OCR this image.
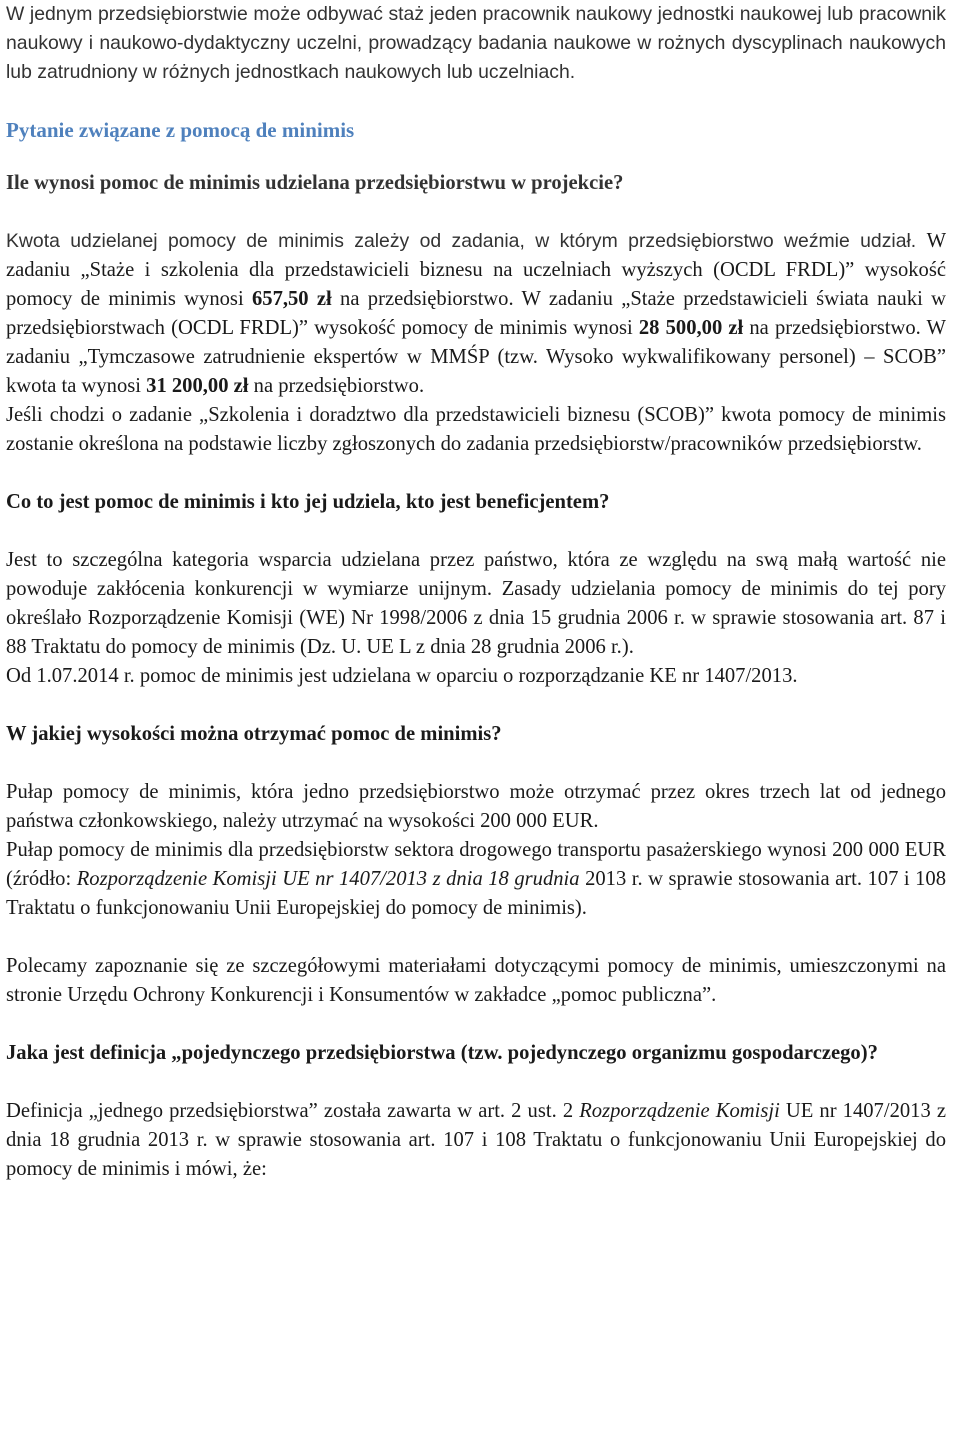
W jednym przedsiębiorstwie może odbywać staż jeden pracownik naukowy jednostki naukowej lub pracownik naukowy i naukowo-dydaktyczny uczelni, prowadzący badania naukowe w rożnych dyscyplinach naukowych lub zatrudniony w różnych jednostkach naukowych lub uczelniach.

Pytanie związane z pomocą de minimis

Ile wynosi pomoc de minimis udzielana przedsiębiorstwu w projekcie?

Kwota udzielanej pomocy de minimis zależy od zadania, w którym przedsiębiorstwo weźmie udział. W zadaniu „Staże i szkolenia dla przedstawicieli biznesu na uczelniach wyższych (OCDL FRDL)” wysokość pomocy de minimis wynosi 657,50 zł na przedsiębiorstwo. W zadaniu „Staże przedstawicieli świata nauki w przedsiębiorstwach (OCDL FRDL)” wysokość pomocy de minimis wynosi 28 500,00 zł na przedsiębiorstwo. W zadaniu „Tymczasowe zatrudnienie ekspertów w MMŚP (tzw. Wysoko wykwalifikowany personel) – SCOB” kwota ta wynosi 31 200,00 zł na przedsiębiorstwo.

Jeśli chodzi o zadanie „Szkolenia i doradztwo dla przedstawicieli biznesu (SCOB)” kwota pomocy de minimis zostanie określona na podstawie liczby zgłoszonych do zadania przedsiębiorstw/pracowników przedsiębiorstw.

Co to jest pomoc de minimis i kto jej udziela, kto jest beneficjentem?

Jest to szczególna kategoria wsparcia udzielana przez państwo, która ze względu na swą małą wartość nie powoduje zakłócenia konkurencji w wymiarze unijnym. Zasady udzielania pomocy de minimis do tej pory określało Rozporządzenie Komisji (WE) Nr 1998/2006 z dnia 15 grudnia 2006 r. w sprawie stosowania art. 87 i 88 Traktatu do pomocy de minimis (Dz. U. UE L z dnia 28 grudnia 2006 r.).

Od 1.07.2014 r. pomoc de minimis jest udzielana w oparciu o rozporządzanie KE nr 1407/2013.

W jakiej wysokości można otrzymać pomoc de minimis?

Pułap pomocy de minimis, która jedno przedsiębiorstwo może otrzymać przez okres trzech lat od jednego państwa członkowskiego, należy utrzymać na wysokości 200 000 EUR.

Pułap pomocy de minimis dla przedsiębiorstw sektora drogowego transportu pasażerskiego wynosi 200 000 EUR (źródło: Rozporządzenie Komisji UE nr 1407/2013 z dnia 18 grudnia 2013 r. w sprawie stosowania art. 107 i 108 Traktatu o funkcjonowaniu Unii Europejskiej do pomocy de minimis).

Polecamy zapoznanie się ze szczegółowymi materiałami dotyczącymi pomocy de minimis, umieszczonymi na stronie Urzędu Ochrony Konkurencji i Konsumentów w zakładce „pomoc publiczna”.

Jaka jest definicja „pojedynczego przedsiębiorstwa (tzw. pojedynczego organizmu gospodarczego)?

Definicja „jednego przedsiębiorstwa” została zawarta w art. 2 ust. 2 Rozporządzenie Komisji UE nr 1407/2013 z dnia 18 grudnia 2013 r. w sprawie stosowania art. 107 i 108 Traktatu o funkcjonowaniu Unii Europejskiej do pomocy de minimis i mówi, że:
